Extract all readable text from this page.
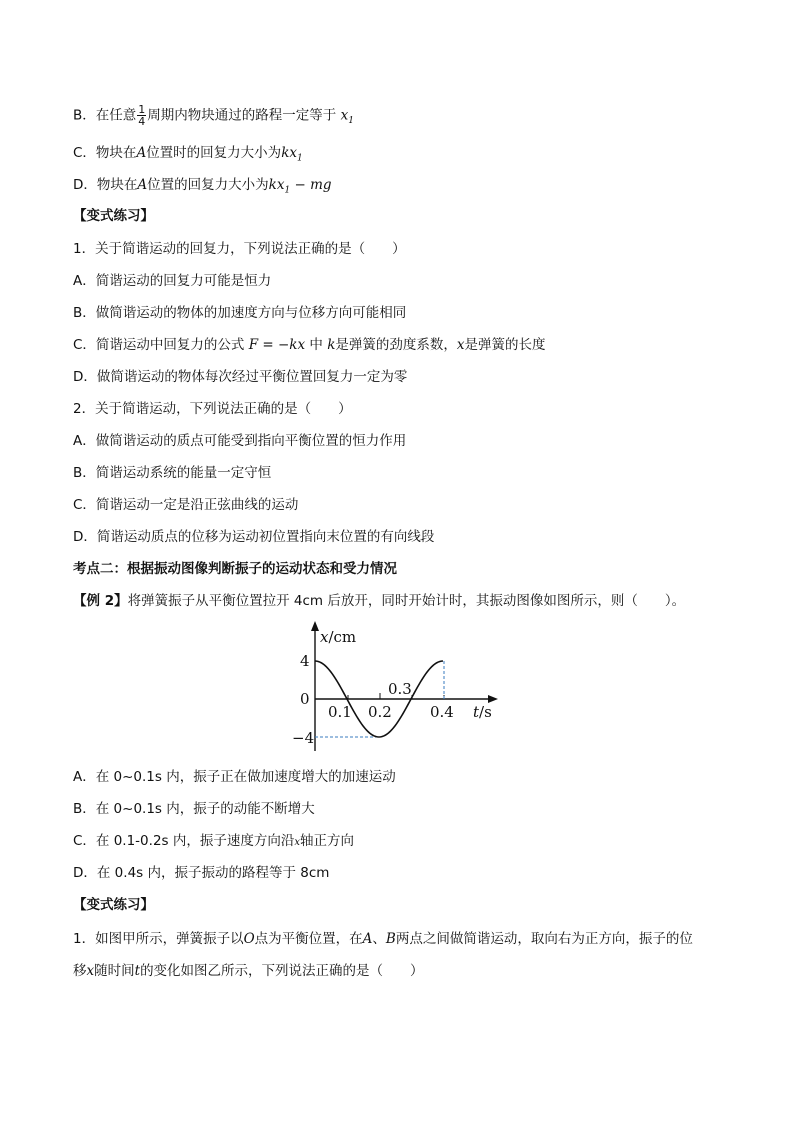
B．在任意 $\frac{1}{4}$ 周期内物块通过的路程一定等于 $x_1$
C．物块在A位置时的回复力大小为$kx_1$
D．物块在A位置的回复力大小为$kx_1$ − mg
【变式练习】
1．关于简谐运动的回复力，下列说法正确的是（　　）
A．简谐运动的回复力可能是恒力
B．做简谐运动的物体的加速度方向与位移方向可能相同
C．简谐运动中回复力的公式 F = −kx 中 k是弹簧的劲度系数，x是弹簧的长度
D．做简谐运动的物体每次经过平衡位置回复力一定为零
2．关于简谐运动，下列说法正确的是（　　）
A．做简谐运动的质点可能受到指向平衡位置的恒力作用
B．简谐运动系统的能量一定守恒
C．简谐运动一定是沿正弦曲线的运动
D．简谐运动质点的位移为运动初位置指向末位置的有向线段
考点二：根据振动图像判断振子的运动状态和受力情况
【例 2】将弹簧振子从平衡位置拉开 4cm 后放开，同时开始计时，其振动图像如图所示，则（　　）。
x/cm
t/s
4
0
−4
0.1 0.2
0.3
0.4
A．在 0~0.1s 内，振子正在做加速度增大的加速运动
B．在 0~0.1s 内，振子的动能不断增大
C．在 0.1-0.2s 内，振子速度方向沿x轴正方向
D．在 0.4s 内，振子振动的路程等于 8cm
【变式练习】
1．如图甲所示，弹簧振子以O点为平衡位置，在A、B两点之间做简谐运动，取向右为正方向，振子的位
移x随时间t的变化如图乙所示，下列说法正确的是（　　）
